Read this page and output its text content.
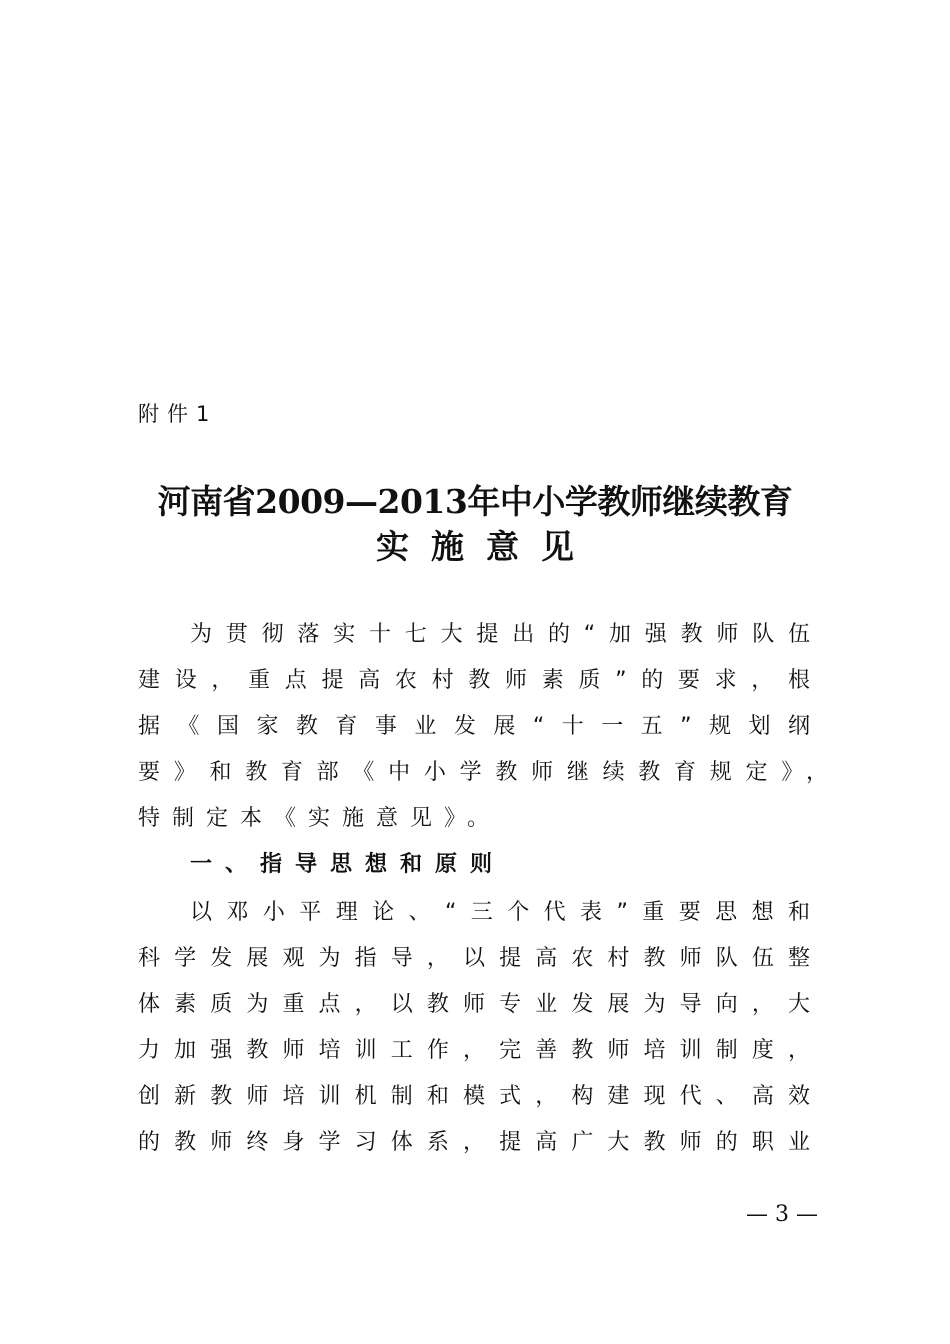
附件1
河南省2009—2013年中小学教师继续教育
实施意见
为贯彻落实十七大提出的“加强教师队伍
建设，重点提高农村教师素质”的要求，根
据《国家教育事业发展“十一五”规划纲
要》和教育部《中小学教师继续教育规定》，
特制定本《实施意见》。
一、指导思想和原则
以邓小平理论、“三个代表”重要思想和
科学发展观为指导，以提高农村教师队伍整
体素质为重点，以教师专业发展为导向，大
力加强教师培训工作，完善教师培训制度，
创新教师培训机制和模式，构建现代、高效
的教师终身学习体系，提高广大教师的职业
— 3 —
